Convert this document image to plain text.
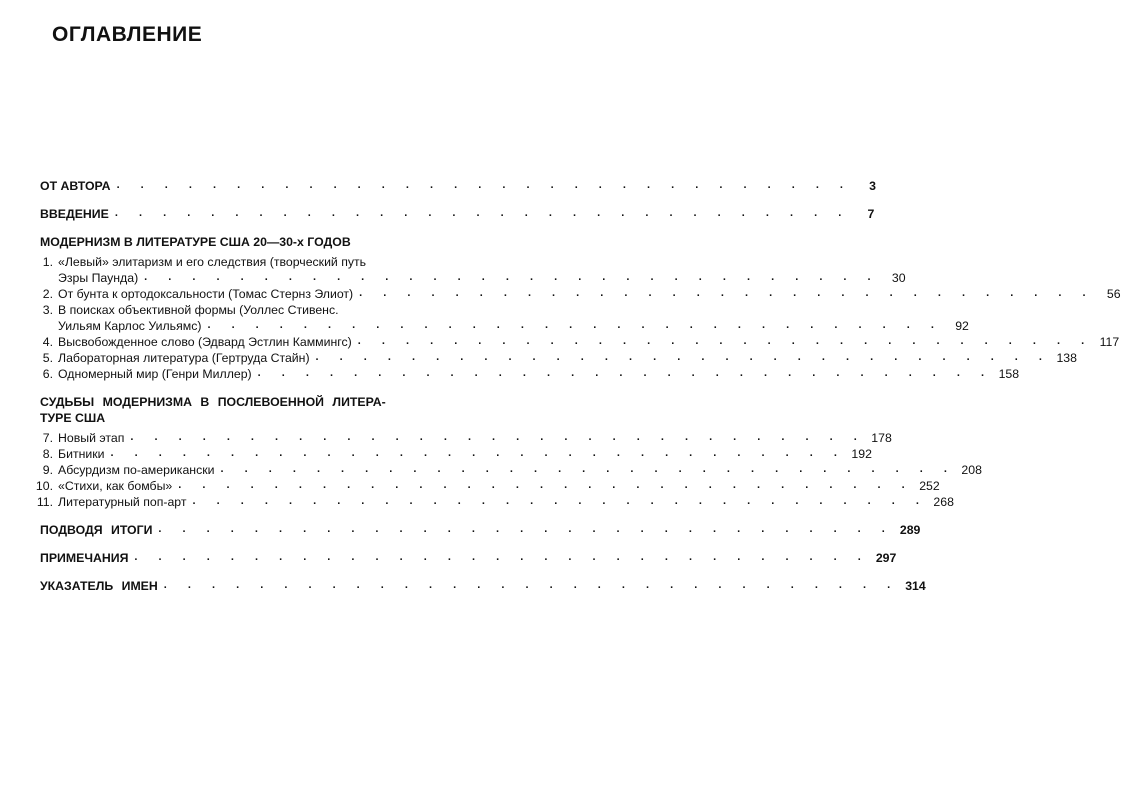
ОГЛАВЛЕНИЕ
ОТ АВТОРА . . . . . . . . . . . . . . . . . . . . . . . . . . . . . . .	3
ВВЕДЕНИЕ . . . . . . . . . . . . . . . . . . . . . . . . . . . . . . .	7
МОДЕРНИЗМ В ЛИТЕРАТУРЕ США 20—30-х ГОДОВ
1. «Левый» элитаризм и его следствия (творческий путь
Эзры Паунда) . . . . . . . . . . . . . . . . . . . . . . . . . . . . . . .	30
2. От бунта к ортодоксальности (Томас Стернз Элиот) . . . . . . . . . . . . . . . . . . . . . . . . . . . . . . .	56
3. В поисках объективной формы (Уоллес Стивенс.
Уильям Карлос Уильямс) . . . . . . . . . . . . . . . . . . . . . . . . . . . . . . .	92
4. Высвобожденное слово (Эдвард Эстлин Каммингс) . . . . . . . . . . . . . . . . . . . . . . . . . . . . . . . 117
5. Лабораторная литература (Гертруда Стайн) . . . . . . . . . . . . . . . . . . . . . . . . . . . . . . . 138
6. Одномерный мир (Генри Миллер) . . . . . . . . . . . . . . . . . . . . . . . . . . . . . . . 158
СУДЬБЫ МОДЕРНИЗМА В ПОСЛЕВОЕННОЙ ЛИТЕРА-
ТУРЕ США
7. Новый этап . . . . . . . . . . . . . . . . . . . . . . . . . . . . . . . 178
8. Битники . . . . . . . . . . . . . . . . . . . . . . . . . . . . . . . 192
9. Абсурдизм по-американски . . . . . . . . . . . . . . . . . . . . . . . . . . . . . . . 208
10. «Стихи, как бомбы» . . . . . . . . . . . . . . . . . . . . . . . . . . . . . . . 252
11. Литературный поп-арт . . . . . . . . . . . . . . . . . . . . . . . . . . . . . . . 268
ПОДВОДЯ ИТОГИ . . . . . . . . . . . . . . . . . . . . . . . . . . . . . . . 289
ПРИМЕЧАНИЯ . . . . . . . . . . . . . . . . . . . . . . . . . . . . . . . 297
УКАЗАТЕЛЬ ИМЕН . . . . . . . . . . . . . . . . . . . . . . . . . . . . . . . 314
